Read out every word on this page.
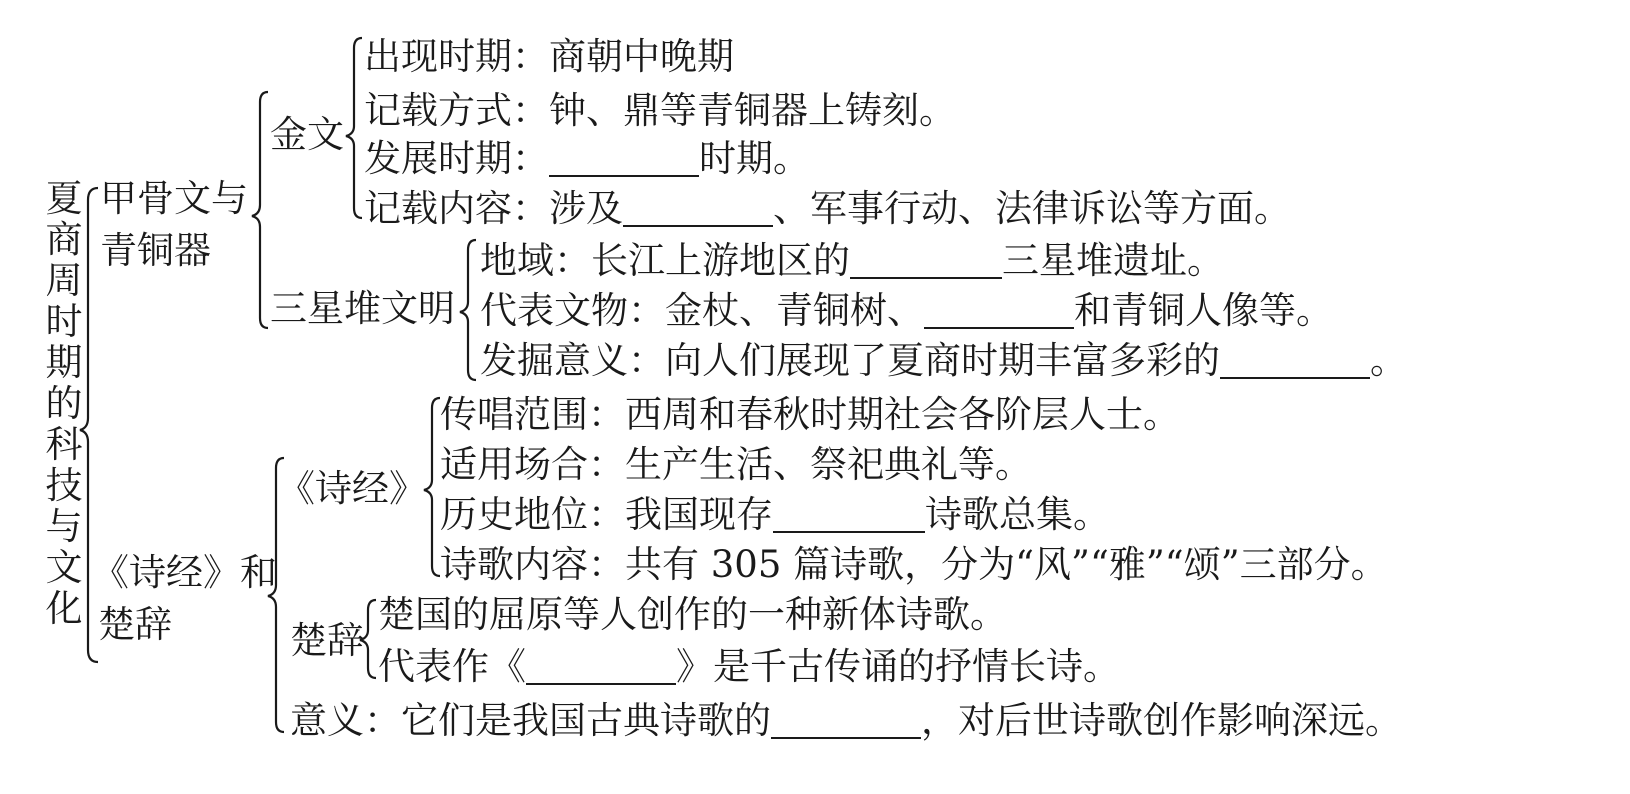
夏商周时期的科技与文化
甲骨文与
青铜器
《诗经》和
楚辞
金文
三星堆文明
《诗经》
楚辞
出现时期：商朝中晚期
记载方式：钟、鼎等青铜器上铸刻。
发展时期：	时期。
记载内容：涉及	、军事行动、法律诉讼等方面。
地域：长江上游地区的	三星堆遗址。
代表文物：金杖、青铜树、	和青铜人像等。
发掘意义：向人们展现了夏商时期丰富多彩的	。
传唱范围：西周和春秋时期社会各阶层人士。
适用场合：生产生活、祭祀典礼等。
历史地位：我国现存	诗歌总集。
诗歌内容：共有 305 篇诗歌，分为“风”“雅”“颂”三部分。
楚国的屈原等人创作的一种新体诗歌。
代表作《	》是千古传诵的抒情长诗。
意义：它们是我国古典诗歌的	，对后世诗歌创作影响深远。
